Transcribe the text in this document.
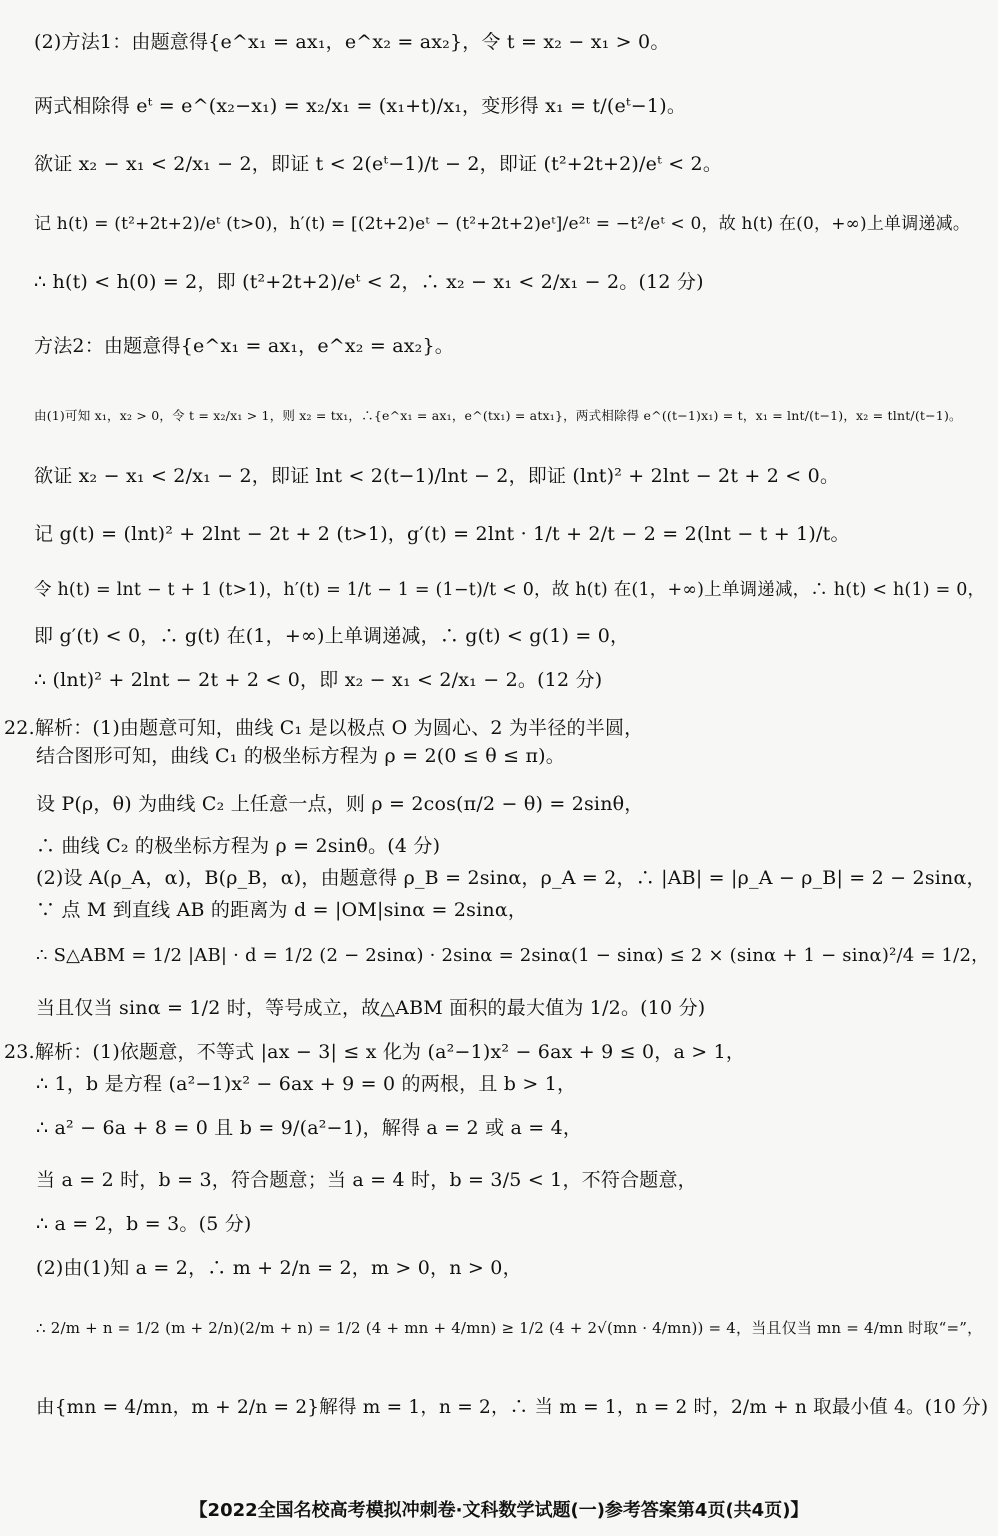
(2)方法1：由题意得{e^x₁ = ax₁，e^x₂ = ax₂}，令 t = x₂ − x₁ > 0。
两式相除得 eᵗ = e^(x₂−x₁) = x₂/x₁ = (x₁+t)/x₁，变形得 x₁ = t/(eᵗ−1)。
欲证 x₂ − x₁ < 2/x₁ − 2，即证 t < 2(eᵗ−1)/t − 2，即证 (t²+2t+2)/eᵗ < 2。
记 h(t) = (t²+2t+2)/eᵗ (t>0)，h′(t) = [(2t+2)eᵗ − (t²+2t+2)eᵗ]/e²ᵗ = −t²/eᵗ < 0，故 h(t) 在(0，+∞)上单调递减。
∴ h(t) < h(0) = 2，即 (t²+2t+2)/eᵗ < 2，∴ x₂ − x₁ < 2/x₁ − 2。(12 分)
方法2：由题意得{e^x₁ = ax₁，e^x₂ = ax₂}。
由(1)可知 x₁，x₂ > 0，令 t = x₂/x₁ > 1，则 x₂ = tx₁，∴{e^x₁ = ax₁，e^(tx₁) = atx₁}，两式相除得 e^((t−1)x₁) = t，x₁ = lnt/(t−1)，x₂ = tlnt/(t−1)。
欲证 x₂ − x₁ < 2/x₁ − 2，即证 lnt < 2(t−1)/lnt − 2，即证 (lnt)² + 2lnt − 2t + 2 < 0。
记 g(t) = (lnt)² + 2lnt − 2t + 2 (t>1)，g′(t) = 2lnt · 1/t + 2/t − 2 = 2(lnt − t + 1)/t。
令 h(t) = lnt − t + 1 (t>1)，h′(t) = 1/t − 1 = (1−t)/t < 0，故 h(t) 在(1，+∞)上单调递减，∴ h(t) < h(1) = 0，
即 g′(t) < 0，∴ g(t) 在(1，+∞)上单调递减，∴ g(t) < g(1) = 0，
∴ (lnt)² + 2lnt − 2t + 2 < 0，即 x₂ − x₁ < 2/x₁ − 2。(12 分)
22.解析：(1)由题意可知，曲线 C₁ 是以极点 O 为圆心、2 为半径的半圆，
结合图形可知，曲线 C₁ 的极坐标方程为 ρ = 2(0 ≤ θ ≤ π)。
设 P(ρ，θ) 为曲线 C₂ 上任意一点，则 ρ = 2cos(π/2 − θ) = 2sinθ，
∴ 曲线 C₂ 的极坐标方程为 ρ = 2sinθ。(4 分)
(2)设 A(ρ_A，α)，B(ρ_B，α)，由题意得 ρ_B = 2sinα，ρ_A = 2，∴ |AB| = |ρ_A − ρ_B| = 2 − 2sinα，
∵ 点 M 到直线 AB 的距离为 d = |OM|sinα = 2sinα，
∴ S△ABM = 1/2 |AB| · d = 1/2 (2 − 2sinα) · 2sinα = 2sinα(1 − sinα) ≤ 2 × (sinα + 1 − sinα)²/4 = 1/2，
当且仅当 sinα = 1/2 时，等号成立，故△ABM 面积的最大值为 1/2。(10 分)
23.解析：(1)依题意，不等式 |ax − 3| ≤ x 化为 (a²−1)x² − 6ax + 9 ≤ 0，a > 1，
∴ 1，b 是方程 (a²−1)x² − 6ax + 9 = 0 的两根，且 b > 1，
∴ a² − 6a + 8 = 0 且 b = 9/(a²−1)，解得 a = 2 或 a = 4，
当 a = 2 时，b = 3，符合题意；当 a = 4 时，b = 3/5 < 1，不符合题意，
∴ a = 2，b = 3。(5 分)
(2)由(1)知 a = 2，∴ m + 2/n = 2，m > 0，n > 0，
∴ 2/m + n = 1/2 (m + 2/n)(2/m + n) = 1/2 (4 + mn + 4/mn) ≥ 1/2 (4 + 2√(mn · 4/mn)) = 4，当且仅当 mn = 4/mn 时取“=”，
由{mn = 4/mn，m + 2/n = 2}解得 m = 1，n = 2，∴ 当 m = 1，n = 2 时，2/m + n 取最小值 4。(10 分)
【2022全国名校高考模拟冲刺卷·文科数学试题(一)参考答案第4页(共4页)】
